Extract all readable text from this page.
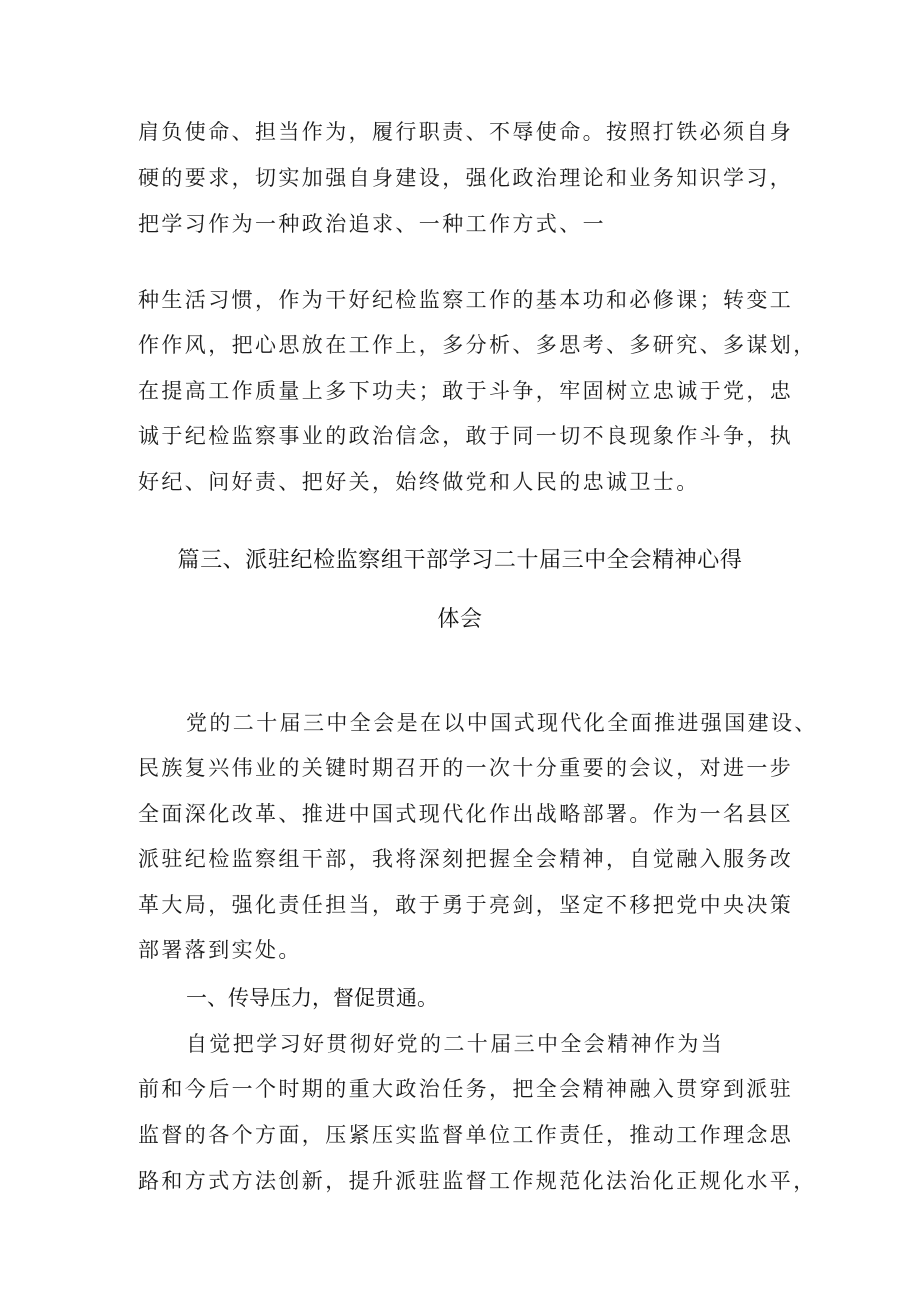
肩负使命、担当作为，履行职责、不辱使命。按照打铁必须自身
硬的要求，切实加强自身建设，强化政治理论和业务知识学习，
把学习作为一种政治追求、一种工作方式、一
种生活习惯，作为干好纪检监察工作的基本功和必修课；转变工
作作风，把心思放在工作上，多分析、多思考、多研究、多谋划，
在提高工作质量上多下功夫；敢于斗争，牢固树立忠诚于党，忠
诚于纪检监察事业的政治信念，敢于同一切不良现象作斗争，执
好纪、问好责、把好关，始终做党和人民的忠诚卫士。
篇三、派驻纪检监察组干部学习二十届三中全会精神心得
体会
党的二十届三中全会是在以中国式现代化全面推进强国建设、
民族复兴伟业的关键时期召开的一次十分重要的会议，对进一步
全面深化改革、推进中国式现代化作出战略部署。作为一名县区
派驻纪检监察组干部，我将深刻把握全会精神，自觉融入服务改
革大局，强化责任担当，敢于勇于亮剑，坚定不移把党中央决策
部署落到实处。
一、传导压力，督促贯通。
自觉把学习好贯彻好党的二十届三中全会精神作为当
前和今后一个时期的重大政治任务，把全会精神融入贯穿到派驻
监督的各个方面，压紧压实监督单位工作责任，推动工作理念思
路和方式方法创新，提升派驻监督工作规范化法治化正规化水平，
